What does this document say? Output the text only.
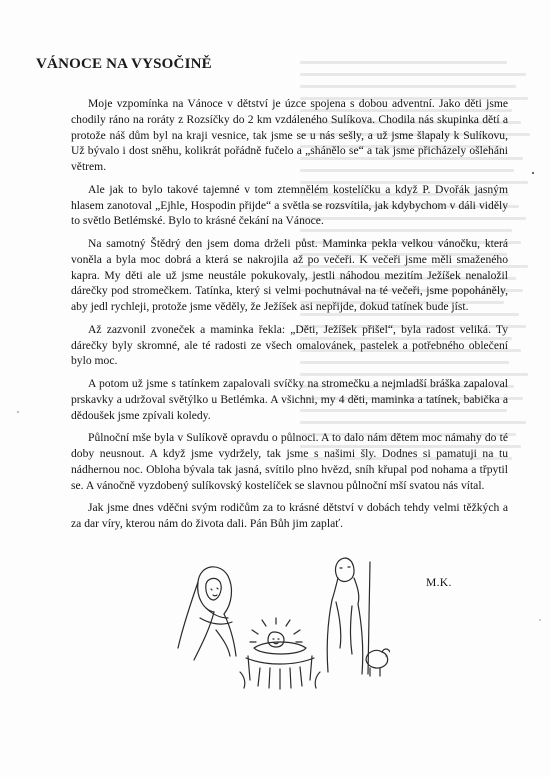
VÁNOCE NA VYSOČINĚ

Moje vzpomínka na Vánoce v dětství je úzce spojena s dobou adventní. Jako děti jsme chodily ráno na roráty z Rozsíčky do 2 km vzdáleného Sulíkova. Chodila nás skupinka dětí a protože náš dům byl na kraji vesnice, tak jsme se u nás sešly, a už jsme šlapaly k Sulíkovu, Už bývalo i dost sněhu, kolikrát pořádně fučelo a „shánělo se“ a tak jsme přicházely ošleháni větrem.

Ale jak to bylo takové tajemné v tom ztemnělém kostelíčku a když P. Dvořák jasným hlasem zanotoval „Ejhle, Hospodin přijde“ a světla se rozsvítila, jak kdybychom v dáli viděly to světlo Betlémské. Bylo to krásné čekání na Vánoce.

Na samotný Štědrý den jsem doma drželi půst. Maminka pekla velkou vánočku, která voněla a byla moc dobrá a která se nakrojila až po večeři. K večeři jsme měli smaženého kapra. My děti ale už jsme neustále pokukovaly, jestli náhodou mezitím Ježíšek nenaložil dárečky pod stromečkem. Tatínka, který si velmi pochutnával na té večeři, jsme popoháněly, aby jedl rychleji, protože jsme věděly, že Ježíšek asi nepřijde, dokud tatínek bude jíst.

Až zazvonil zvoneček a maminka řekla: „Děti, Ježíšek přišel“, byla radost veliká. Ty dárečky byly skromné, ale té radosti ze všech omalovánek, pastelek a potřebného oblečení bylo moc.

A potom už jsme s tatínkem zapalovali svíčky na stromečku a nejmladší bráška zapaloval prskavky a udržoval světýlko u Betlémka. A všichni, my 4 děti, maminka a tatínek, babička a dědoušek jsme zpívali koledy.

Půlnoční mše byla v Sulíkově opravdu o půlnoci. A to dalo nám dětem moc námahy do té doby neusnout. A když jsme vydržely, tak jsme s našimi šly. Dodnes si pamatuji na tu nádhernou noc. Obloha bývala tak jasná, svítilo plno hvězd, sníh křupal pod nohama a třpytil se. A vánočně vyzdobený sulíkovský kostelíček se slavnou půlnoční mší svatou nás vítal.

Jak jsme dnes vděčni svým rodičům za to krásné dětství v dobách tehdy velmi těžkých a za dar víry, kterou nám do života dali. Pán Bůh jim zaplať.

M.K.
